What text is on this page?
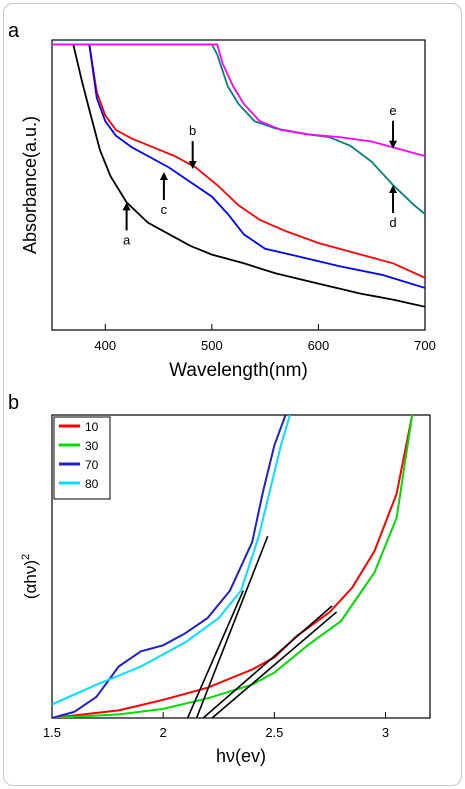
a
b
400	500	600	700
Wavelength(nm)
Absorbance(a.u.)	a
b
c
d
e
1.5	2	2.5	3
hν(ev)
$(\alpha h\nu)^2$
10
30
70
80
